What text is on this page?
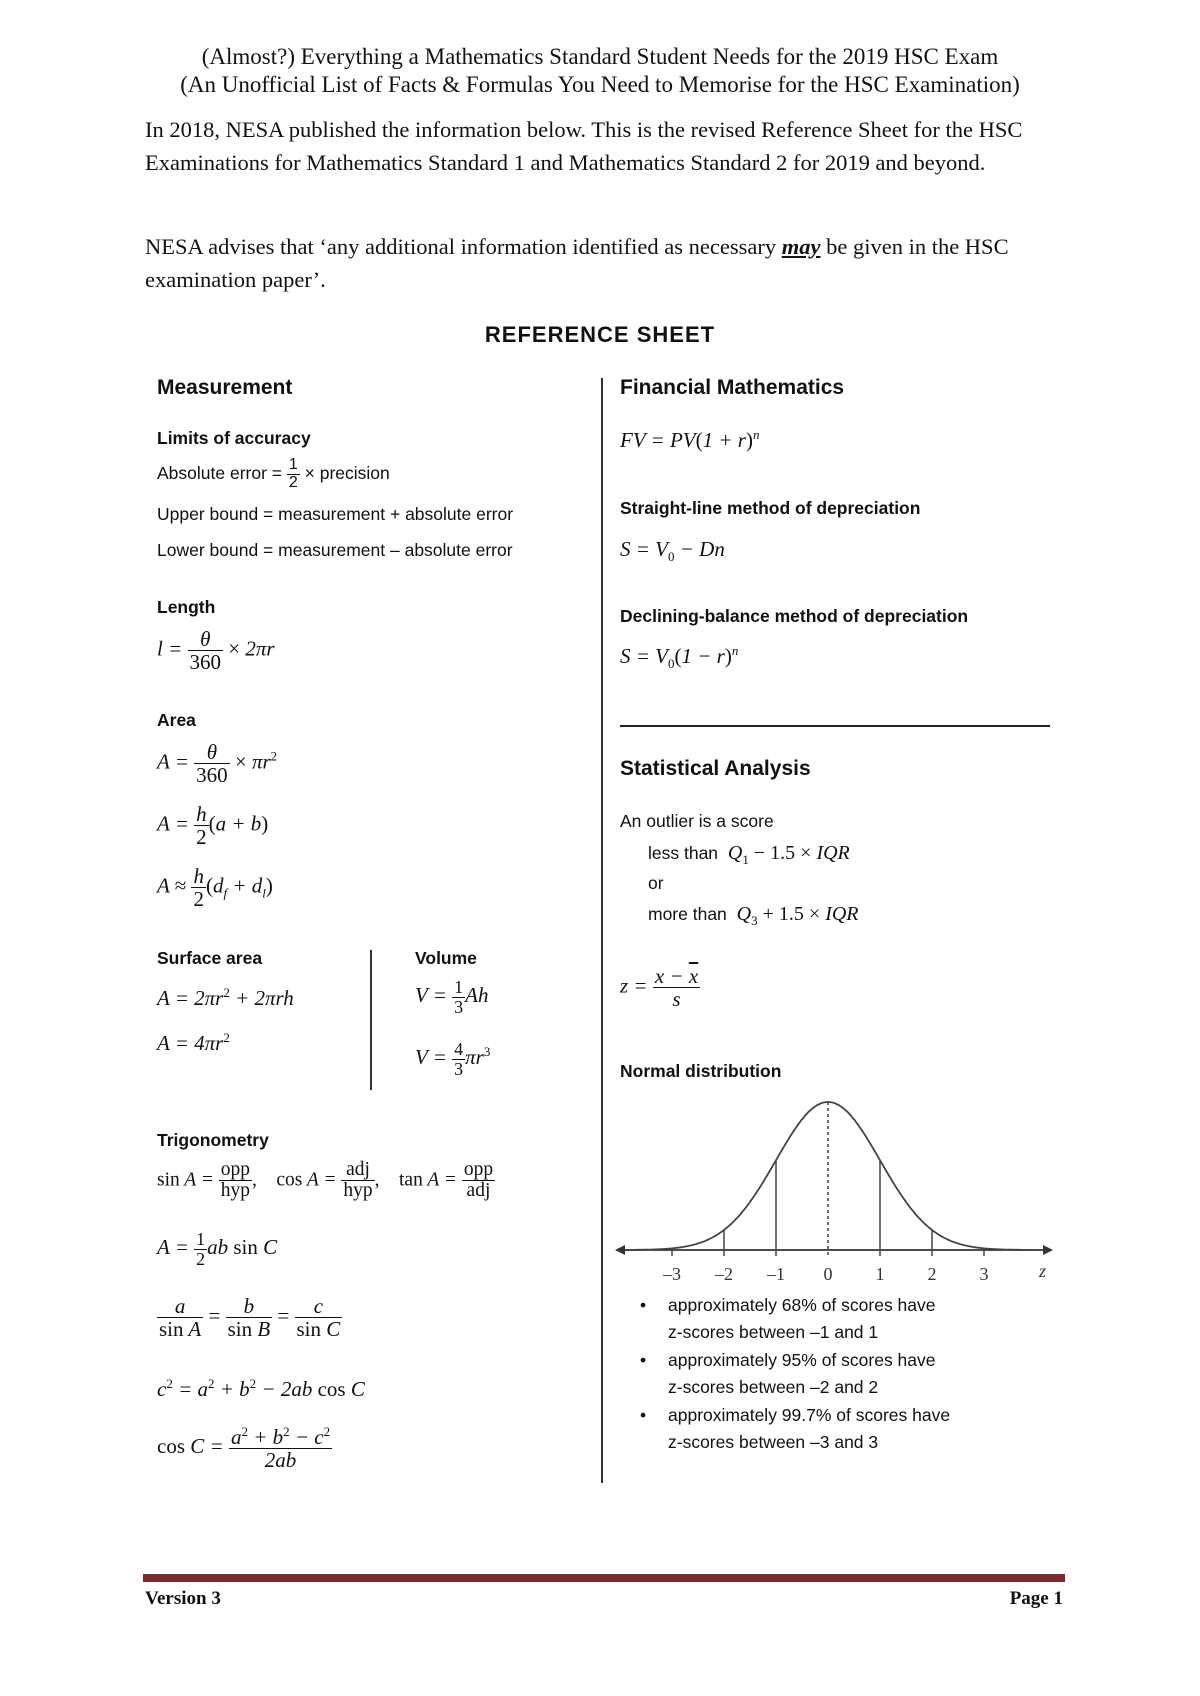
(Almost?) Everything a Mathematics Standard Student Needs for the 2019 HSC Exam
(An Unofficial List of Facts & Formulas You Need to Memorise for the HSC Examination)
In 2018, NESA published the information below. This is the revised Reference Sheet for the HSC Examinations for Mathematics Standard 1 and Mathematics Standard 2 for 2019 and beyond.
NESA advises that ‘any additional information identified as necessary may be given in the HSC examination paper’.
REFERENCE SHEET
Measurement
Limits of accuracy
Absolute error = $\frac{1}{2}$ × precision
Upper bound = measurement + absolute error
Lower bound = measurement – absolute error
Length
$l = \frac{\theta}{360} \times 2\pi r$
Area
$A = \frac{\theta}{360} \times \pi r^2$
$A = \frac{h}{2} (a + b)$
$A \approx \frac{h}{2} (d_f + d_l)$
Surface area
$A = 2\pi r^2 + 2\pi rh$
$A = 4\pi r^2$
Volume
$V = \frac{1}{3}$ Ah
$V = \frac{4}{3} \pi r^3$
Trigonometry
$\sin A = \frac{\text{opp}}{\text{hyp}}$ , $\cos A = \frac{\text{adj}}{\text{hyp}}$ , $\tan A = \frac{\text{opp}}{\text{adj}}$
$A = \frac{1}{2}$ ab sin C
$\frac{a}{\text{sin A}} = \frac{b}{\text{sin B}} = \frac{c}{\text{sin C}}$
$c^2 = a^2 + b^2 - 2ab$ cos C
$\cos C = \frac{a^2 + b^2 - c^2}{2ab}$
Financial Mathematics
FV = $PV(1 + r)^n$
Straight-line method of depreciation
$S = V_0 - Dn$
Declining-balance method of depreciation
$S = V_0(1 - r)^n$
Statistical Analysis
An outlier is a score
less than  $Q_1 - 1.5$ × IQR
or
more than  $Q_3 + 1.5$ × IQR
$z = \frac{x - \overline{x}}{s}$
Normal distribution
–3 –2 –1 0 1 2 3	z
•	approximately 68% of scores have
z-scores between –1 and 1
•	approximately 95% of scores have
z-scores between –2 and 2
•	approximately 99.7% of scores have
z-scores between –3 and 3
Version 3	Page 1
